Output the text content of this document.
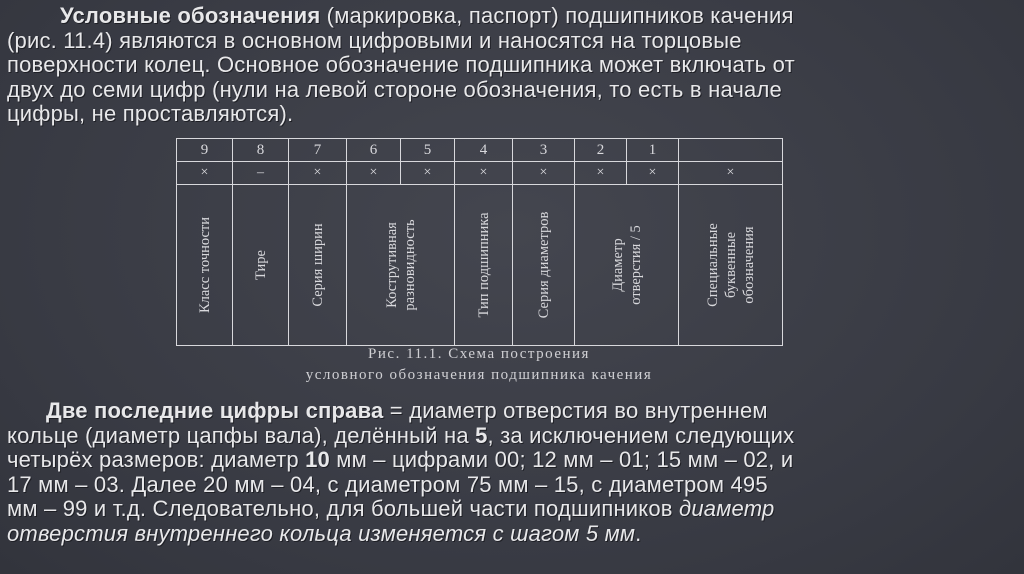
Условные обозначения (маркировка, паспорт) подшипников качения
(рис. 11.4) являются в основном цифровыми и наносятся на торцовые
поверхности колец. Основное обозначение подшипника может включать от
двух до семи цифр (нули на левой стороне обозначения, то есть в начале
цифры, не проставляются).
9	8	7	6	5	4	3	2	1	
×	–	×	×	×	×	×	×	×	×

Класс точности	Тире	Серия ширин	Кострутивная разновидность		Тип подшипника	Серия диаметров	Диаметр отверстия / 5		Специальные буквенные обозначения
Рис. 11.1. Схема построения
условного обозначения подшипника качения
Две последние цифры справа = диаметр отверстия во внутреннем
кольце (диаметр цапфы вала), делённый на 5, за исключением следующих
четырёх размеров: диаметр 10 мм – цифрами 00; 12 мм – 01; 15 мм – 02, и
17 мм – 03. Далее 20 мм – 04, с диаметром 75 мм – 15, с диаметром 495
мм – 99 и т.д. Следовательно, для большей части подшипников диаметр
отверстия внутреннего кольца изменяется с шагом 5 мм.
